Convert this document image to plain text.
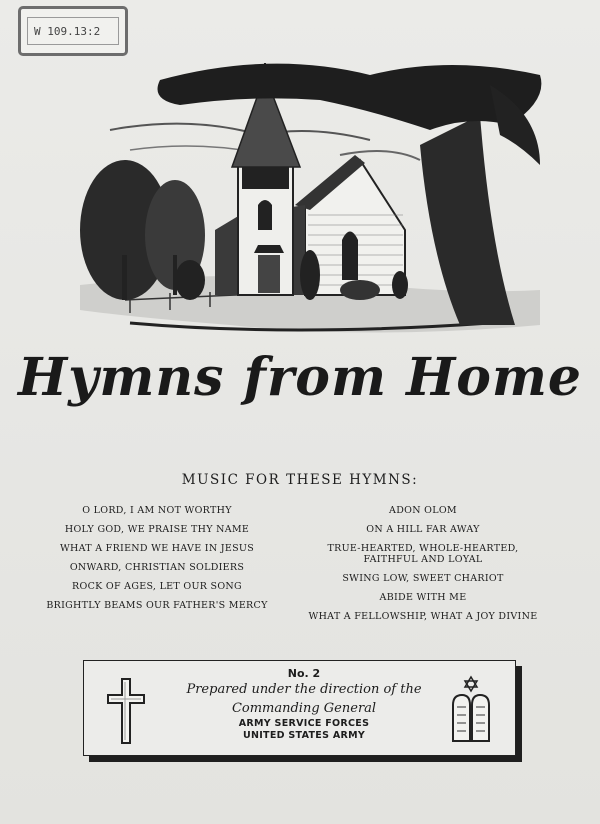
W 109.13:2
Hymns from Home
MUSIC FOR THESE HYMNS:
O LORD, I AM NOT WORTHY
HOLY GOD, WE PRAISE THY NAME
WHAT A FRIEND WE HAVE IN JESUS
ONWARD, CHRISTIAN SOLDIERS
ROCK OF AGES, LET OUR SONG
BRIGHTLY BEAMS OUR FATHER'S MERCY
ADON OLOM
ON A HILL FAR AWAY
TRUE-HEARTED, WHOLE-HEARTED, FAITHFUL AND LOYAL
SWING LOW, SWEET CHARIOT
ABIDE WITH ME
WHAT A FELLOWSHIP, WHAT A JOY DIVINE
No. 2
Prepared under the direction of the
Commanding General
ARMY SERVICE FORCES
UNITED STATES ARMY
